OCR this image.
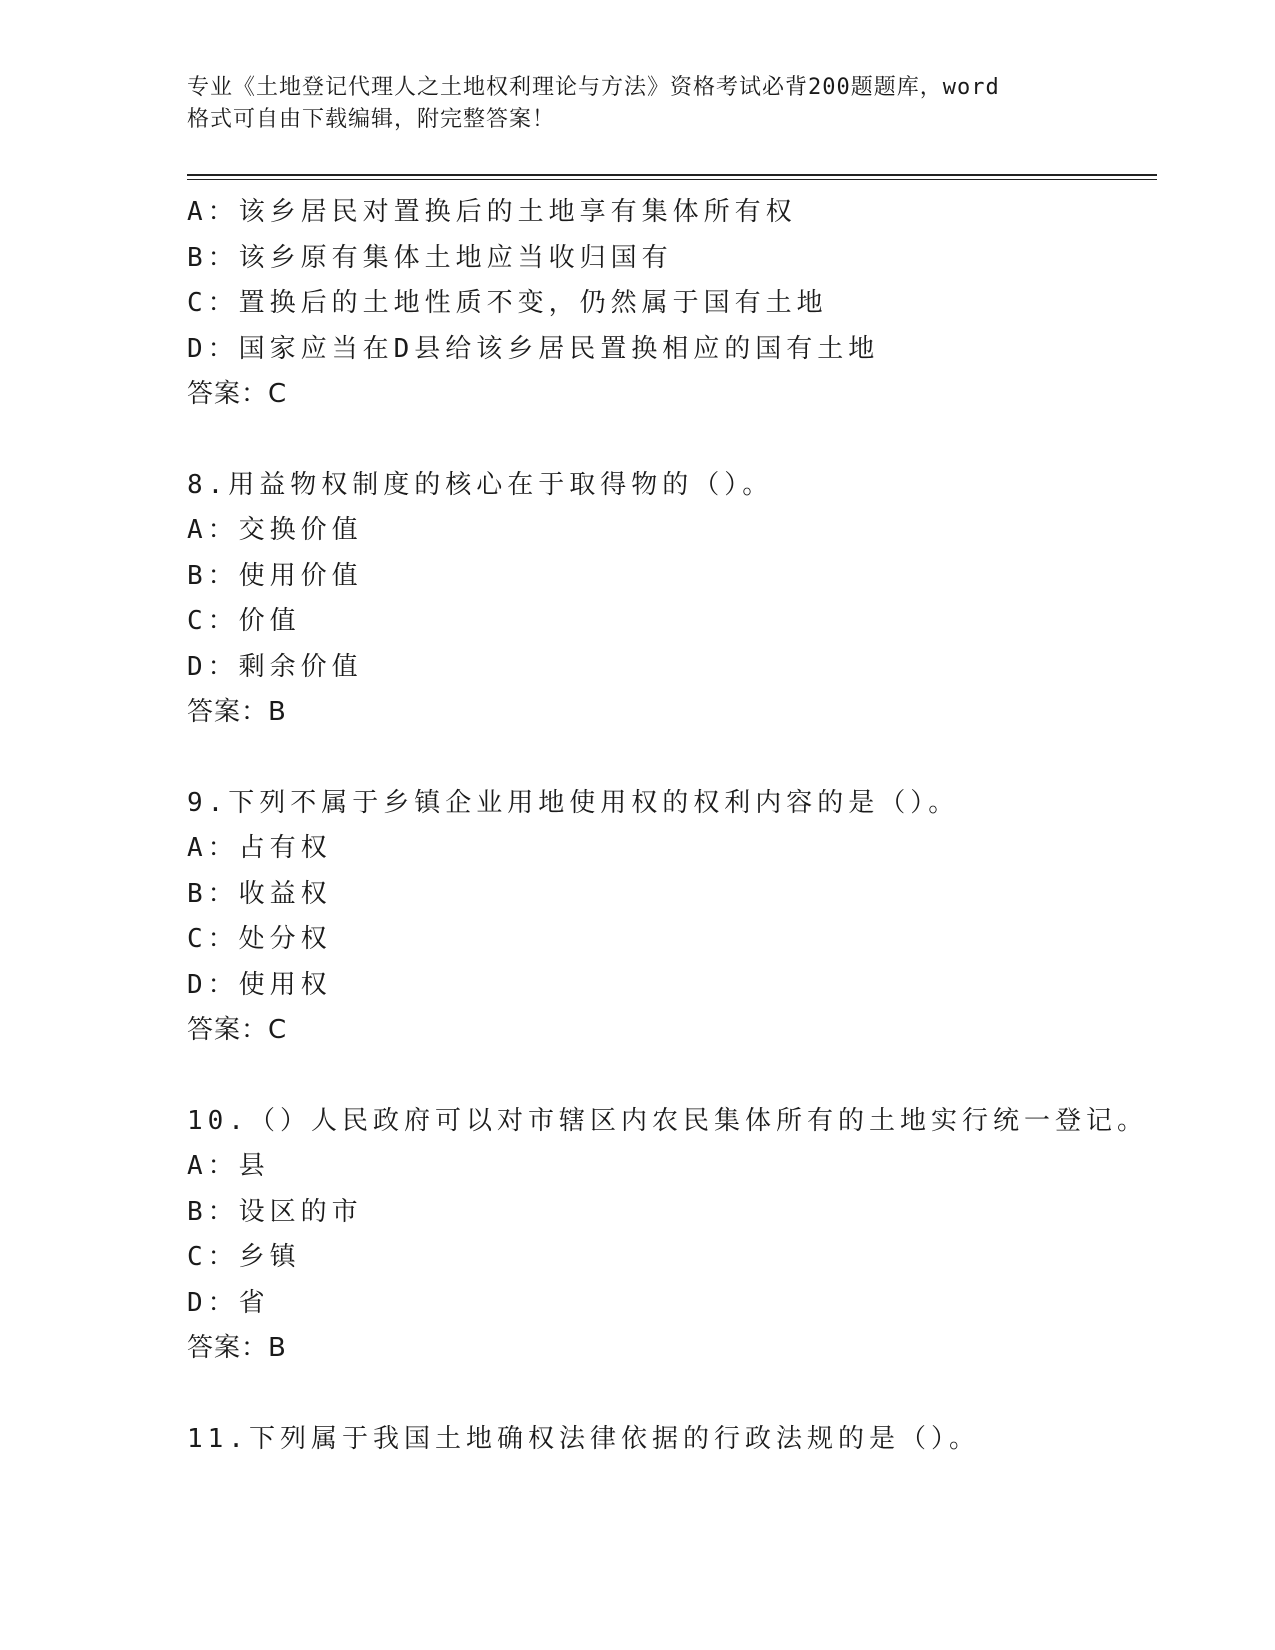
专业《土地登记代理人之土地权利理论与方法》资格考试必背200题题库，word
格式可自由下载编辑，附完整答案！
A：该乡居民对置换后的土地享有集体所有权
B：该乡原有集体土地应当收归国有
C：置换后的土地性质不变，仍然属于国有土地
D：国家应当在D县给该乡居民置换相应的国有土地
答案：C
8.用益物权制度的核心在于取得物的（）。
A：交换价值
B：使用价值
C：价值
D：剩余价值
答案：B
9.下列不属于乡镇企业用地使用权的权利内容的是（）。
A：占有权
B：收益权
C：处分权
D：使用权
答案：C
10.（）人民政府可以对市辖区内农民集体所有的土地实行统一登记。
A：县
B：设区的市
C：乡镇
D：省
答案：B
11.下列属于我国土地确权法律依据的行政法规的是（）。
